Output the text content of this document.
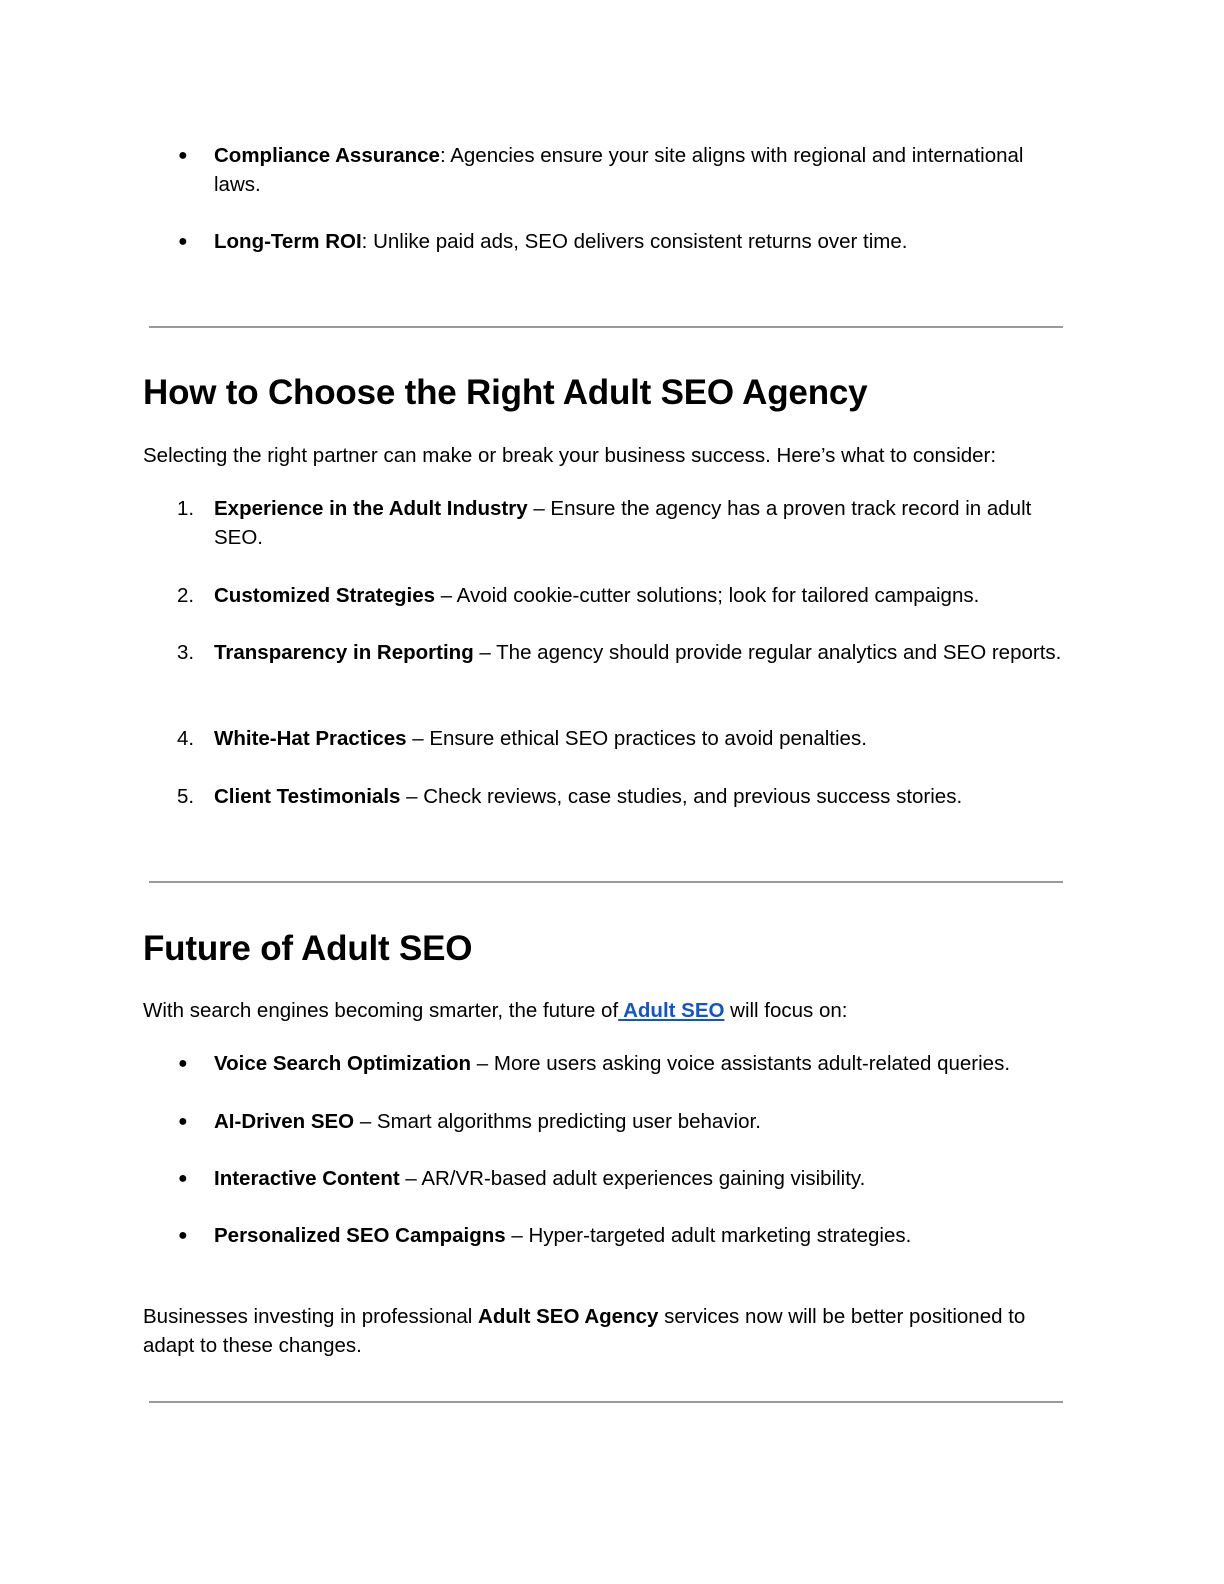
● Compliance Assurance: Agencies ensure your site aligns with regional and international laws.
● Long-Term ROI: Unlike paid ads, SEO delivers consistent returns over time.
How to Choose the Right Adult SEO Agency

Selecting the right partner can make or break your business success. Here’s what to consider:

1. Experience in the Adult Industry – Ensure the agency has a proven track record in adult SEO.
2. Customized Strategies – Avoid cookie-cutter solutions; look for tailored campaigns.
3. Transparency in Reporting – The agency should provide regular analytics and SEO reports.
4. White-Hat Practices – Ensure ethical SEO practices to avoid penalties.
5. Client Testimonials – Check reviews, case studies, and previous success stories.
Future of Adult SEO

With search engines becoming smarter, the future of Adult SEO will focus on:

● Voice Search Optimization – More users asking voice assistants adult-related queries.
● AI-Driven SEO – Smart algorithms predicting user behavior.
● Interactive Content – AR/VR-based adult experiences gaining visibility.
● Personalized SEO Campaigns – Hyper-targeted adult marketing strategies.

Businesses investing in professional Adult SEO Agency services now will be better positioned to adapt to these changes.
